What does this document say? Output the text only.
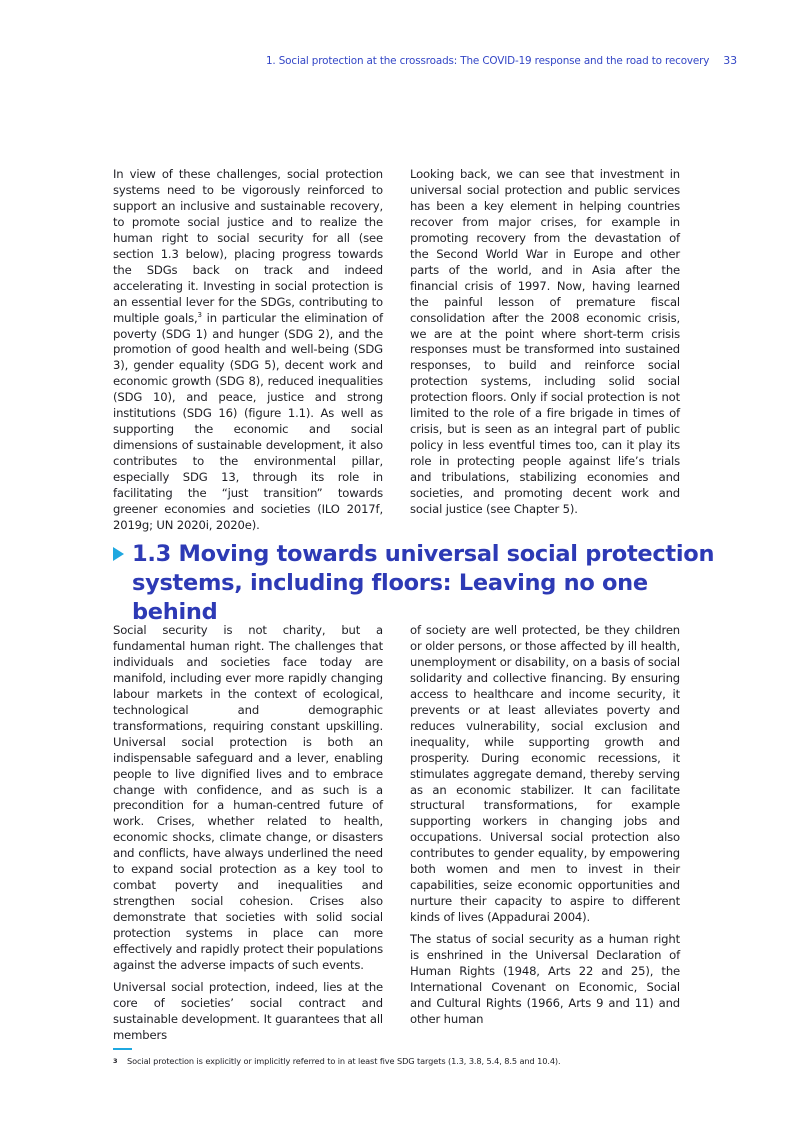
1. Social protection at the crossroads: The COVID-19 response and the road to recovery 33

In view of these challenges, social protection systems need to be vigorously reinforced to support an inclusive and sustainable recovery, to promote social justice and to realize the human right to social security for all (see section 1.3 below), placing progress towards the SDGs back on track and indeed accelerating it. Investing in social protection is an essential lever for the SDGs, contributing to multiple goals,$^3$ in particular the elimination of poverty (SDG 1) and hunger (SDG 2), and the promotion of good health and well-being (SDG 3), gender equality (SDG 5), decent work and economic growth (SDG 8), reduced inequalities (SDG 10), and peace, justice and strong institutions (SDG 16) (figure 1.1). As well as supporting the economic and social dimensions of sustainable development, it also contributes to the environmental pillar, especially SDG 13, through its role in facilitating the “just transition” towards greener economies and societies (ILO 2017f, 2019g; UN 2020i, 2020e).

Looking back, we can see that investment in universal social protection and public services has been a key element in helping countries recover from major crises, for example in promoting recovery from the devastation of the Second World War in Europe and other parts of the world, and in Asia after the financial crisis of 1997. Now, having learned the painful lesson of premature fiscal consolidation after the 2008 economic crisis, we are at the point where short-term crisis responses must be transformed into sustained responses, to build and reinforce social protection systems, including solid social protection floors. Only if social protection is not limited to the role of a fire brigade in times of crisis, but is seen as an integral part of public policy in less eventful times too, can it play its role in protecting people against life’s trials and tribulations, stabilizing economies and societies, and promoting decent work and social justice (see Chapter 5).

1.3 Moving towards universal social protection
systems, including floors: Leaving no one behind

Social security is not charity, but a fundamental human right. The challenges that individuals and societies face today are manifold, including ever more rapidly changing labour markets in the context of ecological, technological and demographic transformations, requiring constant upskilling. Universal social protection is both an indispensable safeguard and a lever, enabling people to live dignified lives and to embrace change with confidence, and as such is a precondition for a human-centred future of work. Crises, whether related to health, economic shocks, climate change, or disasters and conflicts, have always underlined the need to expand social protection as a key tool to combat poverty and inequalities and strengthen social cohesion. Crises also demonstrate that societies with solid social protection systems in place can more effectively and rapidly protect their populations against the adverse impacts of such events.

Universal social protection, indeed, lies at the core of societies’ social contract and sustainable development. It guarantees that all members

of society are well protected, be they children or older persons, or those affected by ill health, unemployment or disability, on a basis of social solidarity and collective financing. By ensuring access to healthcare and income security, it prevents or at least alleviates poverty and reduces vulnerability, social exclusion and inequality, while supporting growth and prosperity. During economic recessions, it stimulates aggregate demand, thereby serving as an economic stabilizer. It can facilitate structural transformations, for example supporting workers in changing jobs and occupations. Universal social protection also contributes to gender equality, by empowering both women and men to invest in their capabilities, seize economic opportunities and nurture their capacity to aspire to different kinds of lives (Appadurai 2004).

The status of social security as a human right is enshrined in the Universal Declaration of Human Rights (1948, Arts 22 and 25), the International Covenant on Economic, Social and Cultural Rights (1966, Arts 9 and 11) and other human

3 Social protection is explicitly or implicitly referred to in at least five SDG targets (1.3, 3.8, 5.4, 8.5 and 10.4).
